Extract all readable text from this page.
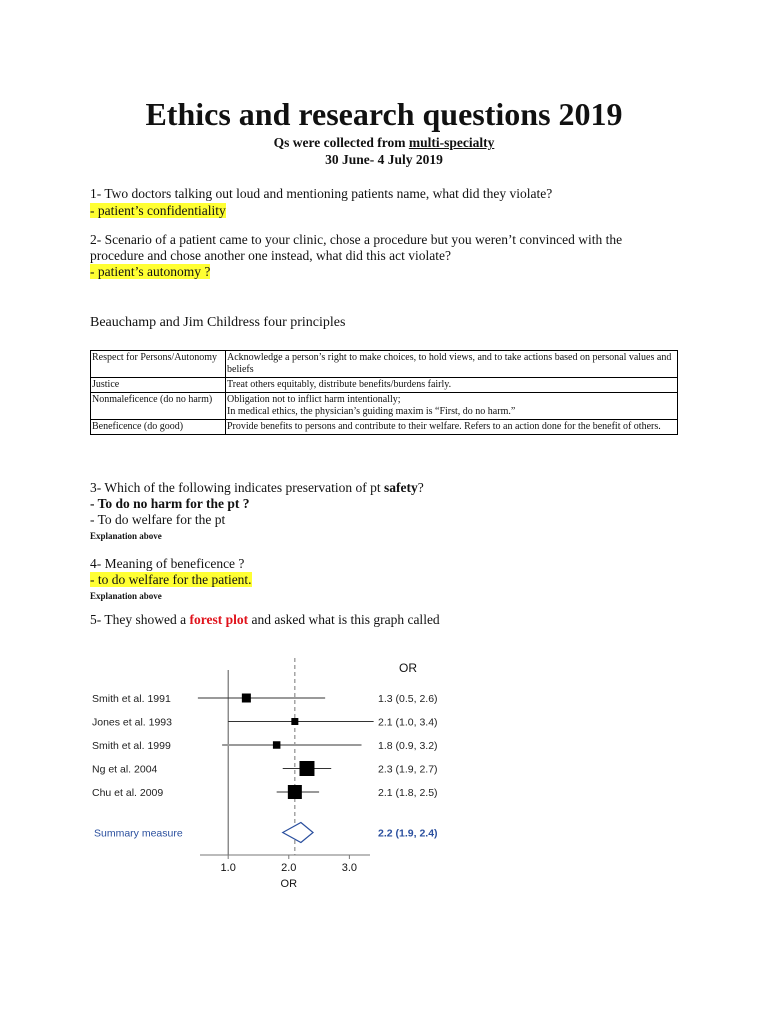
Ethics and research questions 2019
Qs were collected from multi-specialty
30 June- 4 July 2019
1- Two doctors talking out loud and mentioning patients name, what did they violate?
- patient’s confidentiality
2- Scenario of a patient came to your clinic, chose a procedure but you weren’t convinced with the procedure and chose another one instead, what did this act violate?
- patient’s autonomy ?
Beauchamp and Jim Childress four principles
Respect for Persons/Autonomy	Acknowledge a person’s right to make choices, to hold views, and to take actions based on personal values and beliefs
Justice	Treat others equitably, distribute benefits/burdens fairly.
Nonmaleficence (do no harm)	Obligation not to inflict harm intentionally;
In medical ethics, the physician’s guiding maxim is “First, do no harm.”

Beneficence (do good)	Provide benefits to persons and contribute to their welfare. Refers to an action done for the benefit of others.
3- Which of the following indicates preservation of pt safety?
- To do no harm for the pt ?
- To do welfare for the pt
Explanation above
4- Meaning of beneficence ?
- to do welfare for the patient.
Explanation above
5- They showed a forest plot and asked what is this graph called
OR
1.0	2.0	3.0
OR
Smith et al. 1991	1.3 (0.5, 2.6)
Jones et al. 1993	2.1 (1.0, 3.4)
Smith et al. 1999	1.8 (0.9, 3.2)
Ng et al. 2004	2.3 (1.9, 2.7)
Chu et al. 2009	2.1 (1.8, 2.5)
Summary measure	2.2 (1.9, 2.4)
